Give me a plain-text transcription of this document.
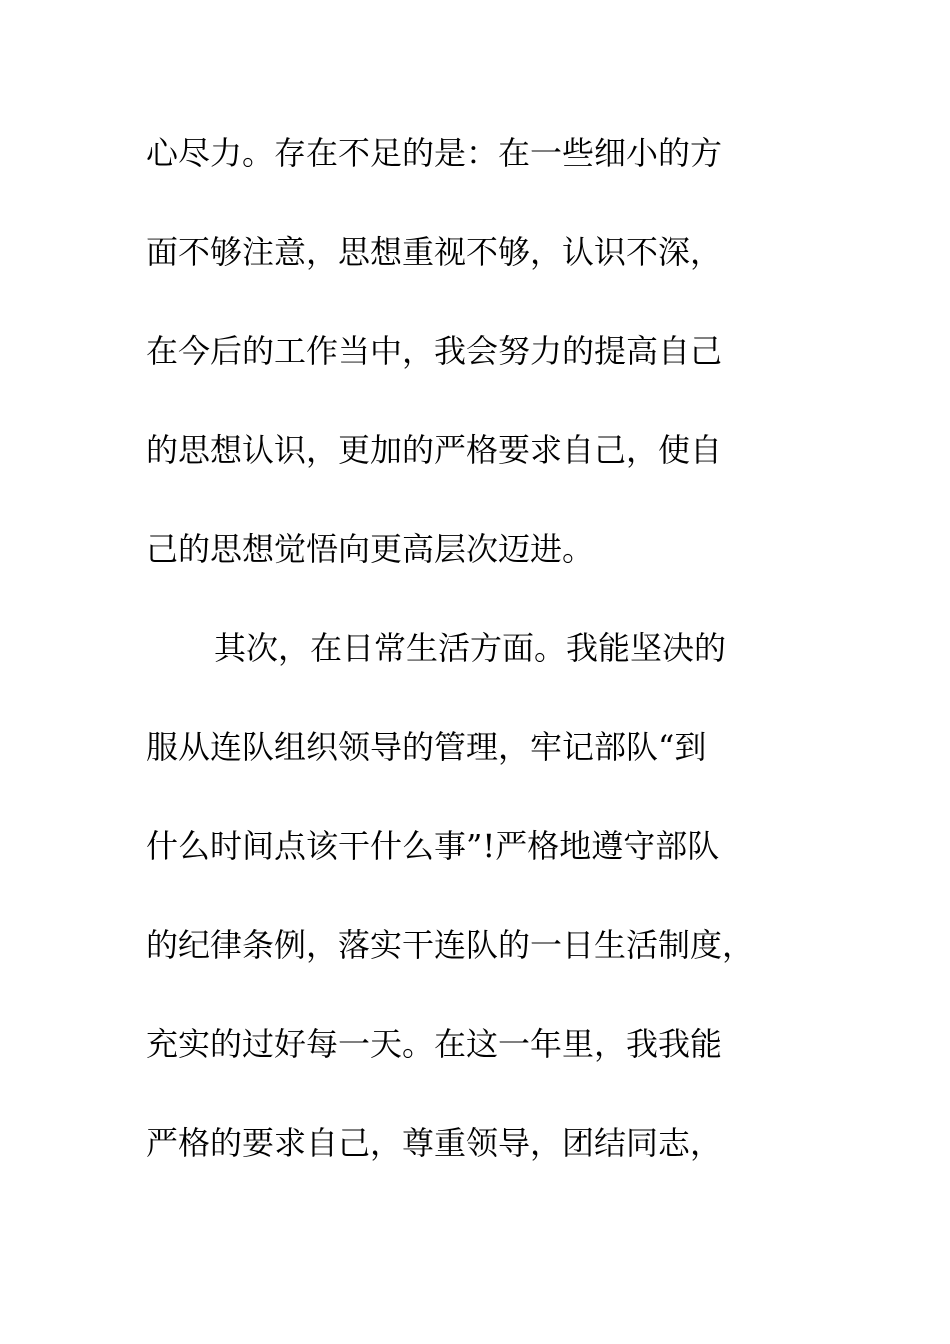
心尽力。存在不足的是：在一些细小的方
面不够注意，思想重视不够，认识不深，
在今后的工作当中，我会努力的提高自己
的思想认识，更加的严格要求自己，使自
己的思想觉悟向更高层次迈进。
其次，在日常生活方面。我能坚决的
服从连队组织领导的管理，牢记部队“到
什么时间点该干什么事”!严格地遵守部队
的纪律条例，落实干连队的一日生活制度，
充实的过好每一天。在这一年里，我我能
严格的要求自己，尊重领导，团结同志，
